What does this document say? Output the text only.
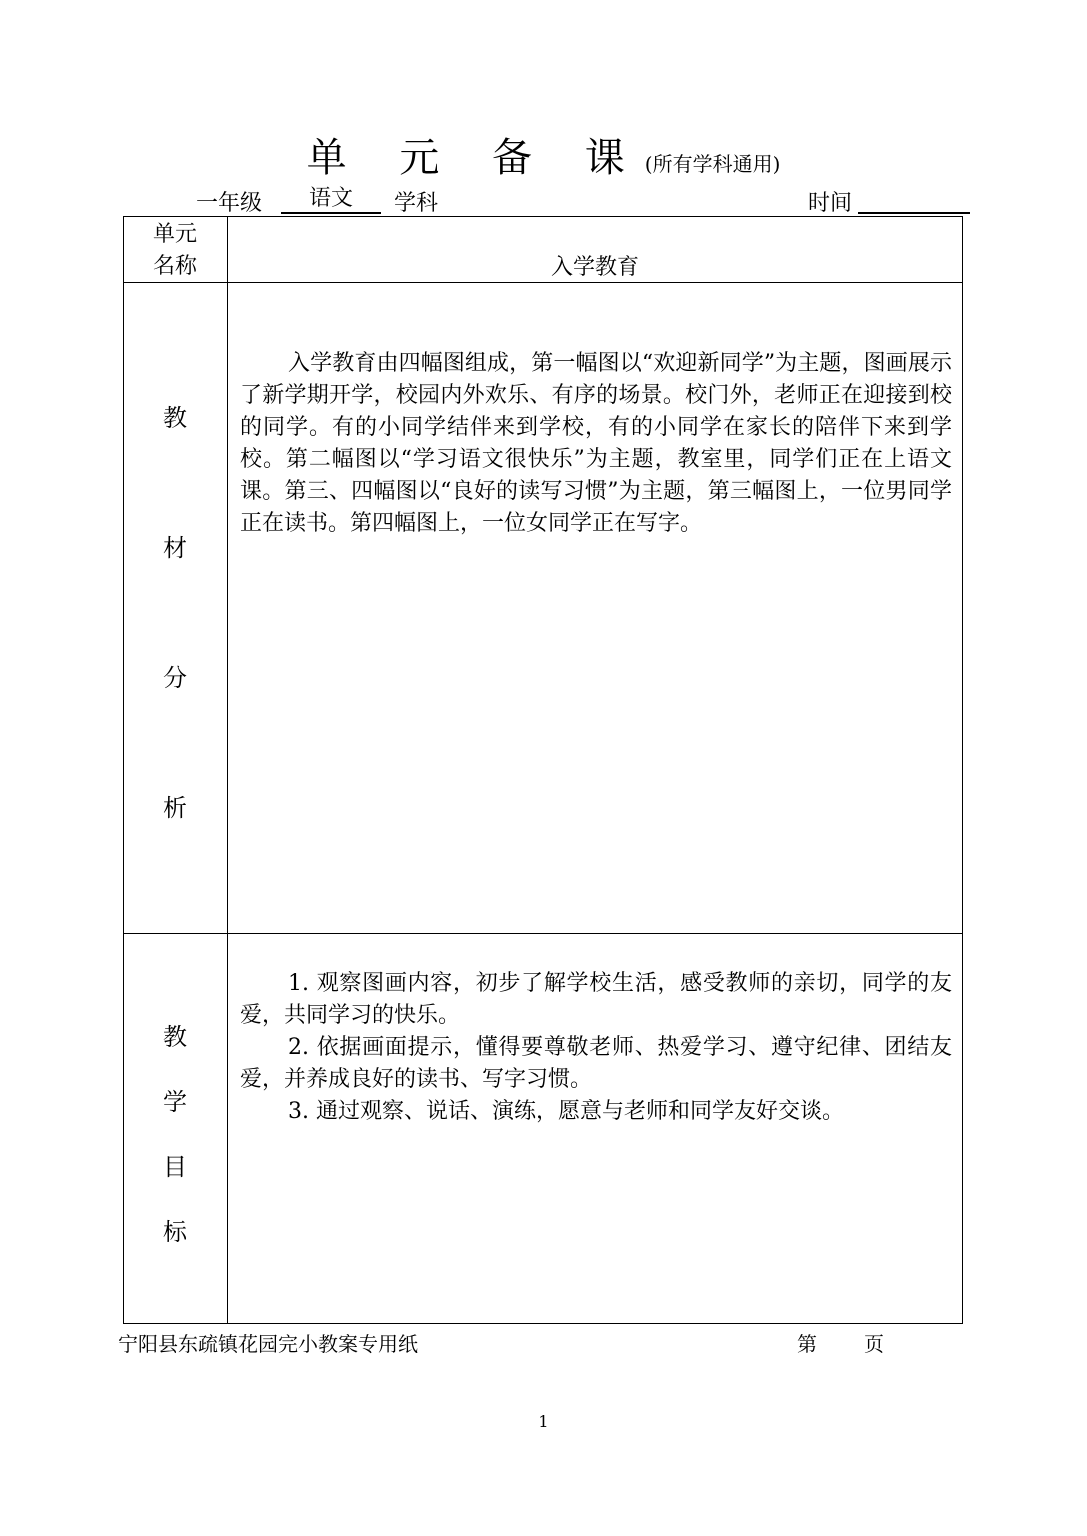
单 元 备 课(所有学科通用)
一年级	语文	学科	时间
单元
名称	入学教育
教
材
分
析

入学教育由四幅图组成，第一幅图以“欢迎新同学”为主题，图画展示了新学期开学，校园内外欢乐、有序的场景。校门外，老师正在迎接到校的同学。有的小同学结伴来到学校，有的小同学在家长的陪伴下来到学校。第二幅图以“学习语文很快乐”为主题，教室里，同学们正在上语文课。第三、四幅图以“良好的读写习惯”为主题，第三幅图上，一位男同学正在读书。第四幅图上，一位女同学正在写字。

教
学
目
标

1. 观察图画内容，初步了解学校生活，感受教师的亲切，同学的友爱，共同学习的快乐。

2. 依据画面提示，懂得要尊敬老师、热爱学习、遵守纪律、团结友爱，并养成良好的读书、写字习惯。

3. 通过观察、说话、演练，愿意与老师和同学友好交谈。

宁阳县东疏镇花园完小教案专用纸	第 页
1
